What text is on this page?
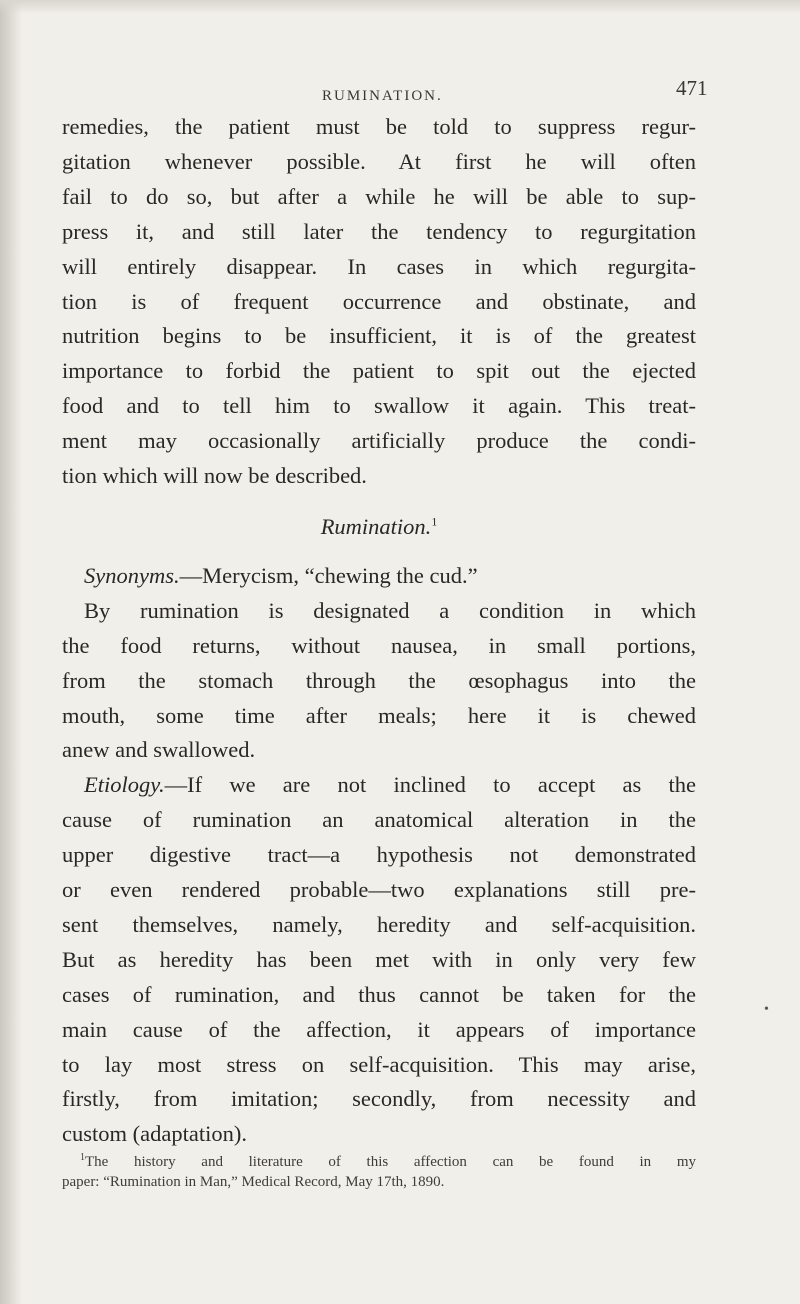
RUMINATION.	471
remedies, the patient must be told to suppress regur-
gitation whenever possible. At first he will often
fail to do so, but after a while he will be able to sup-
press it, and still later the tendency to regurgitation
will entirely disappear. In cases in which regurgita-
tion is of frequent occurrence and obstinate, and
nutrition begins to be insufficient, it is of the greatest
importance to forbid the patient to spit out the ejected
food and to tell him to swallow it again. This treat-
ment may occasionally artificially produce the condi-
tion which will now be described.
Rumination.$^1$
Synonyms.—Merycism, “chewing the cud.”
By rumination is designated a condition in which
the food returns, without nausea, in small portions,
from the stomach through the œsophagus into the
mouth, some time after meals; here it is chewed
anew and swallowed.
Etiology.—If we are not inclined to accept as the
cause of rumination an anatomical alteration in the
upper digestive tract—a hypothesis not demonstrated
or even rendered probable—two explanations still pre-
sent themselves, namely, heredity and self-acquisition.
But as heredity has been met with in only very few
cases of rumination, and thus cannot be taken for the
main cause of the affection, it appears of importance
to lay most stress on self-acquisition. This may arise,
firstly, from imitation; secondly, from necessity and
custom (adaptation).
$^1$The history and literature of this affection can be found in my
paper: “Rumination in Man,” Medical Record, May 17th, 1890.
•
